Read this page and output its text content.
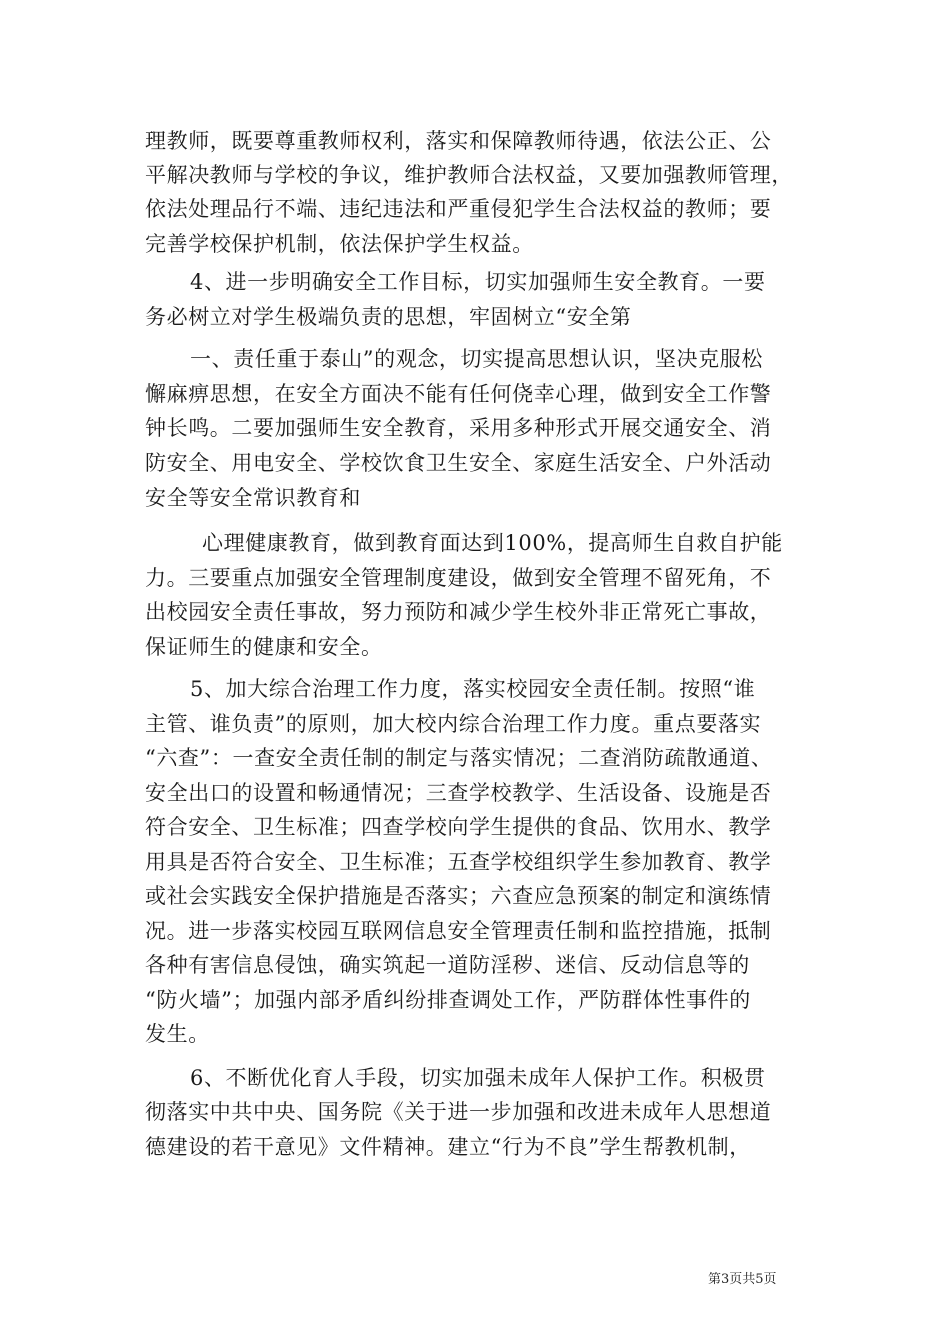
理教师，既要尊重教师权利，落实和保障教师待遇，依法公正、公
平解决教师与学校的争议，维护教师合法权益，又要加强教师管理，
依法处理品行不端、违纪违法和严重侵犯学生合法权益的教师；要
完善学校保护机制，依法保护学生权益。
4、进一步明确安全工作目标，切实加强师生安全教育。一要
务必树立对学生极端负责的思想，牢固树立“安全第
一、责任重于泰山”的观念，切实提高思想认识，坚决克服松
懈麻痹思想，在安全方面决不能有任何侥幸心理，做到安全工作警
钟长鸣。二要加强师生安全教育，采用多种形式开展交通安全、消
防安全、用电安全、学校饮食卫生安全、家庭生活安全、户外活动
安全等安全常识教育和
心理健康教育，做到教育面达到100%，提高师生自救自护能
力。三要重点加强安全管理制度建设，做到安全管理不留死角，不
出校园安全责任事故，努力预防和减少学生校外非正常死亡事故，
保证师生的健康和安全。
5、加大综合治理工作力度，落实校园安全责任制。按照“谁
主管、谁负责”的原则，加大校内综合治理工作力度。重点要落实
“六查”：一查安全责任制的制定与落实情况；二查消防疏散通道、
安全出口的设置和畅通情况；三查学校教学、生活设备、设施是否
符合安全、卫生标准；四查学校向学生提供的食品、饮用水、教学
用具是否符合安全、卫生标准；五查学校组织学生参加教育、教学
或社会实践安全保护措施是否落实；六查应急预案的制定和演练情
况。进一步落实校园互联网信息安全管理责任制和监控措施，抵制
各种有害信息侵蚀，确实筑起一道防淫秽、迷信、反动信息等的
“防火墙”；加强内部矛盾纠纷排查调处工作，严防群体性事件的
发生。
6、不断优化育人手段，切实加强未成年人保护工作。积极贯
彻落实中共中央、国务院《关于进一步加强和改进未成年人思想道
德建设的若干意见》文件精神。建立“行为不良”学生帮教机制，
第3页共5页
